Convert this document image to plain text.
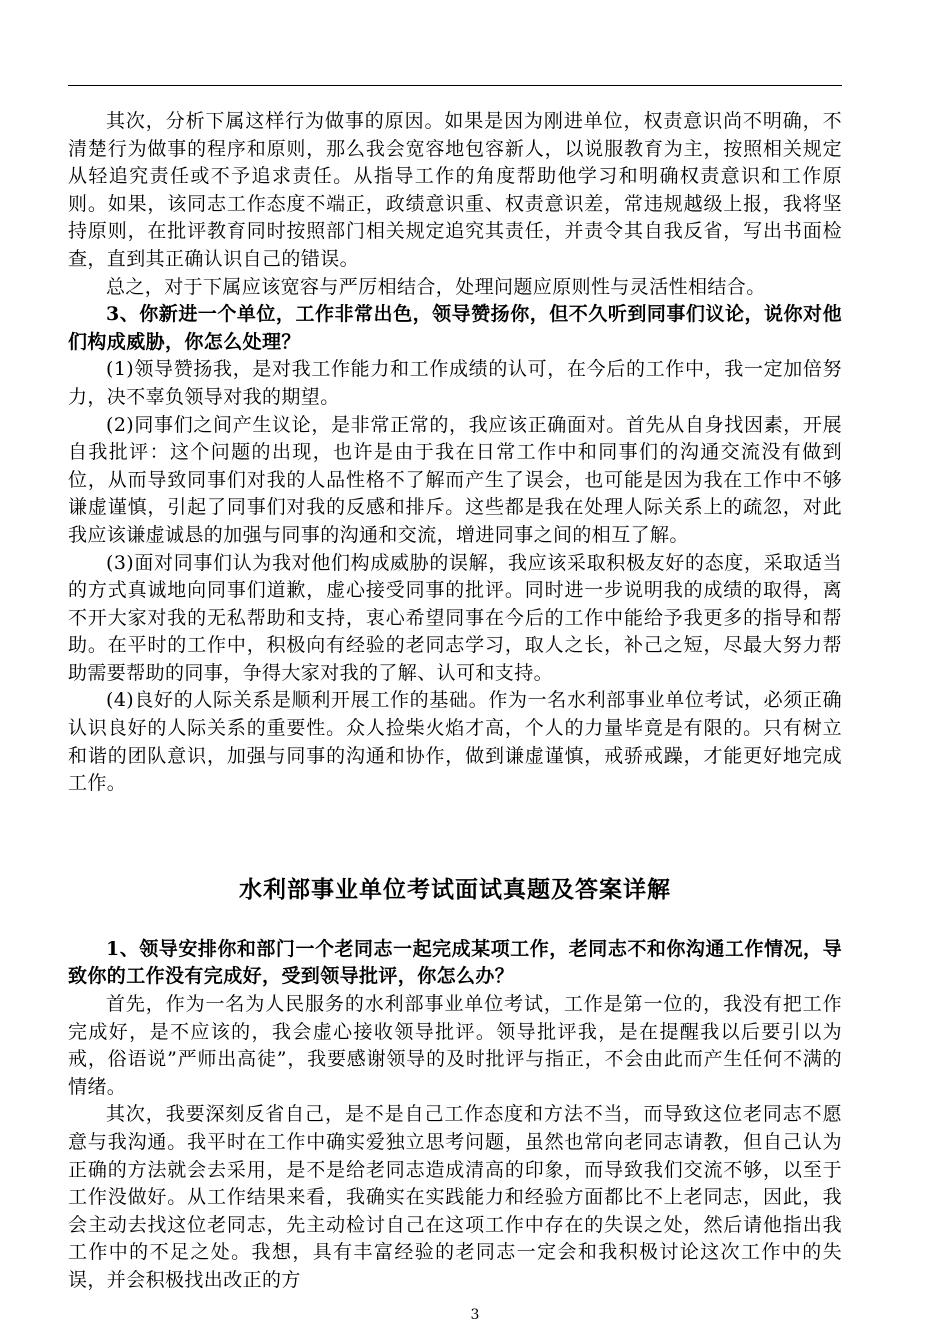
其次，分析下属这样行为做事的原因。如果是因为刚进单位，权责意识尚不明确，不清楚行为做事的程序和原则，那么我会宽容地包容新人，以说服教育为主，按照相关规定从轻追究责任或不予追求责任。从指导工作的角度帮助他学习和明确权责意识和工作原则。如果，该同志工作态度不端正，政绩意识重、权责意识差，常违规越级上报，我将坚持原则，在批评教育同时按照部门相关规定追究其责任，并责令其自我反省，写出书面检查，直到其正确认识自己的错误。

总之，对于下属应该宽容与严厉相结合，处理问题应原则性与灵活性相结合。

3、你新进一个单位，工作非常出色，领导赞扬你，但不久听到同事们议论，说你对他们构成威胁，你怎么处理？

(1)领导赞扬我，是对我工作能力和工作成绩的认可，在今后的工作中，我一定加倍努力，决不辜负领导对我的期望。

(2)同事们之间产生议论，是非常正常的，我应该正确面对。首先从自身找因素，开展自我批评：这个问题的出现，也许是由于我在日常工作中和同事们的沟通交流没有做到位，从而导致同事们对我的人品性格不了解而产生了误会，也可能是因为我在工作中不够谦虚谨慎，引起了同事们对我的反感和排斥。这些都是我在处理人际关系上的疏忽，对此我应该谦虚诚恳的加强与同事的沟通和交流，增进同事之间的相互了解。

(3)面对同事们认为我对他们构成威胁的误解，我应该采取积极友好的态度，采取适当的方式真诚地向同事们道歉，虚心接受同事的批评。同时进一步说明我的成绩的取得，离不开大家对我的无私帮助和支持，衷心希望同事在今后的工作中能给予我更多的指导和帮助。在平时的工作中，积极向有经验的老同志学习，取人之长，补己之短，尽最大努力帮助需要帮助的同事，争得大家对我的了解、认可和支持。

(4)良好的人际关系是顺利开展工作的基础。作为一名水利部事业单位考试，必须正确认识良好的人际关系的重要性。众人捡柴火焰才高，个人的力量毕竟是有限的。只有树立和谐的团队意识，加强与同事的沟通和协作，做到谦虚谨慎，戒骄戒躁，才能更好地完成工作。

水利部事业单位考试面试真题及答案详解

1、领导安排你和部门一个老同志一起完成某项工作，老同志不和你沟通工作情况，导致你的工作没有完成好，受到领导批评，你怎么办？

首先，作为一名为人民服务的水利部事业单位考试，工作是第一位的，我没有把工作完成好，是不应该的，我会虚心接收领导批评。领导批评我，是在提醒我以后要引以为戒，俗语说”严师出高徒”，我要感谢领导的及时批评与指正，不会由此而产生任何不满的情绪。

其次，我要深刻反省自己，是不是自己工作态度和方法不当，而导致这位老同志不愿意与我沟通。我平时在工作中确实爱独立思考问题，虽然也常向老同志请教，但自己认为正确的方法就会去采用，是不是给老同志造成清高的印象，而导致我们交流不够，以至于工作没做好。从工作结果来看，我确实在实践能力和经验方面都比不上老同志，因此，我会主动去找这位老同志，先主动检讨自己在这项工作中存在的失误之处，然后请他指出我工作中的不足之处。我想，具有丰富经验的老同志一定会和我积极讨论这次工作中的失误，并会积极找出改正的方

3
